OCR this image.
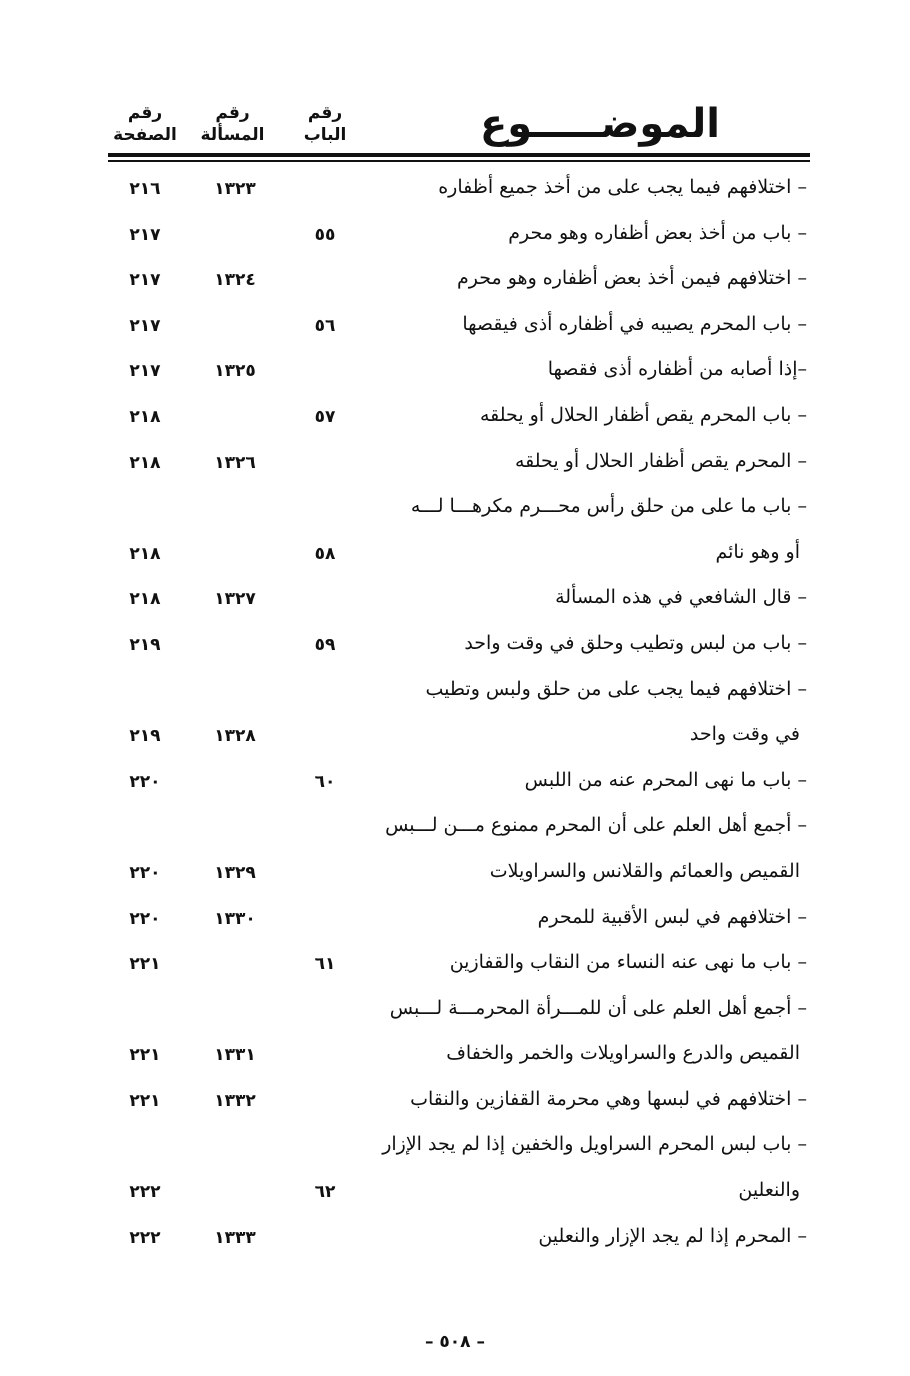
رقم الصفحة
رقم المسألة
رقم الباب	الموضـــــوع
– اختلافهم فيما يجب على من أخذ جميع أظفاره
١٣٢٣
٢١٦
– باب من أخذ بعض أظفاره وهو محرم
٥٥
٢١٧
– اختلافهم فيمن أخذ بعض أظفاره وهو محرم
١٣٢٤
٢١٧
– باب المحرم يصيبه في أظفاره أذى فيقصها
٥٦
٢١٧
–إذا أصابه من أظفاره أذى فقصها
١٣٢٥
٢١٧
– باب المحرم يقص أظفار الحلال أو يحلقه
٥٧
٢١٨
– المحرم يقص أظفار الحلال أو يحلقه
١٣٢٦
٢١٨
– باب ما على من حلق رأس محـــرم مكرهـــا لـــه
أو وهو نائم
٥٨
٢١٨
– قال الشافعي في هذه المسألة
١٣٢٧
٢١٨
– باب من لبس وتطيب وحلق في وقت واحد
٥٩
٢١٩
– اختلافهم فيما يجب على من حلق ولبس وتطيب
في وقت واحد
١٣٢٨
٢١٩
– باب ما نهى المحرم عنه من اللبس
٦٠
٢٢٠
– أجمع أهل العلم على أن المحرم ممنوع مـــن لـــبس
القميص والعمائم والقلانس والسراويلات
١٣٢٩
٢٢٠
– اختلافهم في لبس الأقبية للمحرم
١٣٣٠
٢٢٠
– باب ما نهى عنه النساء من النقاب والقفازين
٦١
٢٢١
– أجمع أهل العلم على أن للمـــرأة المحرمـــة لـــبس
القميص والدرع والسراويلات والخمر والخفاف
١٣٣١
٢٢١
– اختلافهم في لبسها وهي محرمة القفازين والنقاب
١٣٣٢
٢٢١
– باب لبس المحرم السراويل والخفين إذا لم يجد الإزار
والنعلين
٦٢
٢٢٢
– المحرم إذا لم يجد الإزار والنعلين
١٣٣٣
٢٢٢
– ٥٠٨ –
